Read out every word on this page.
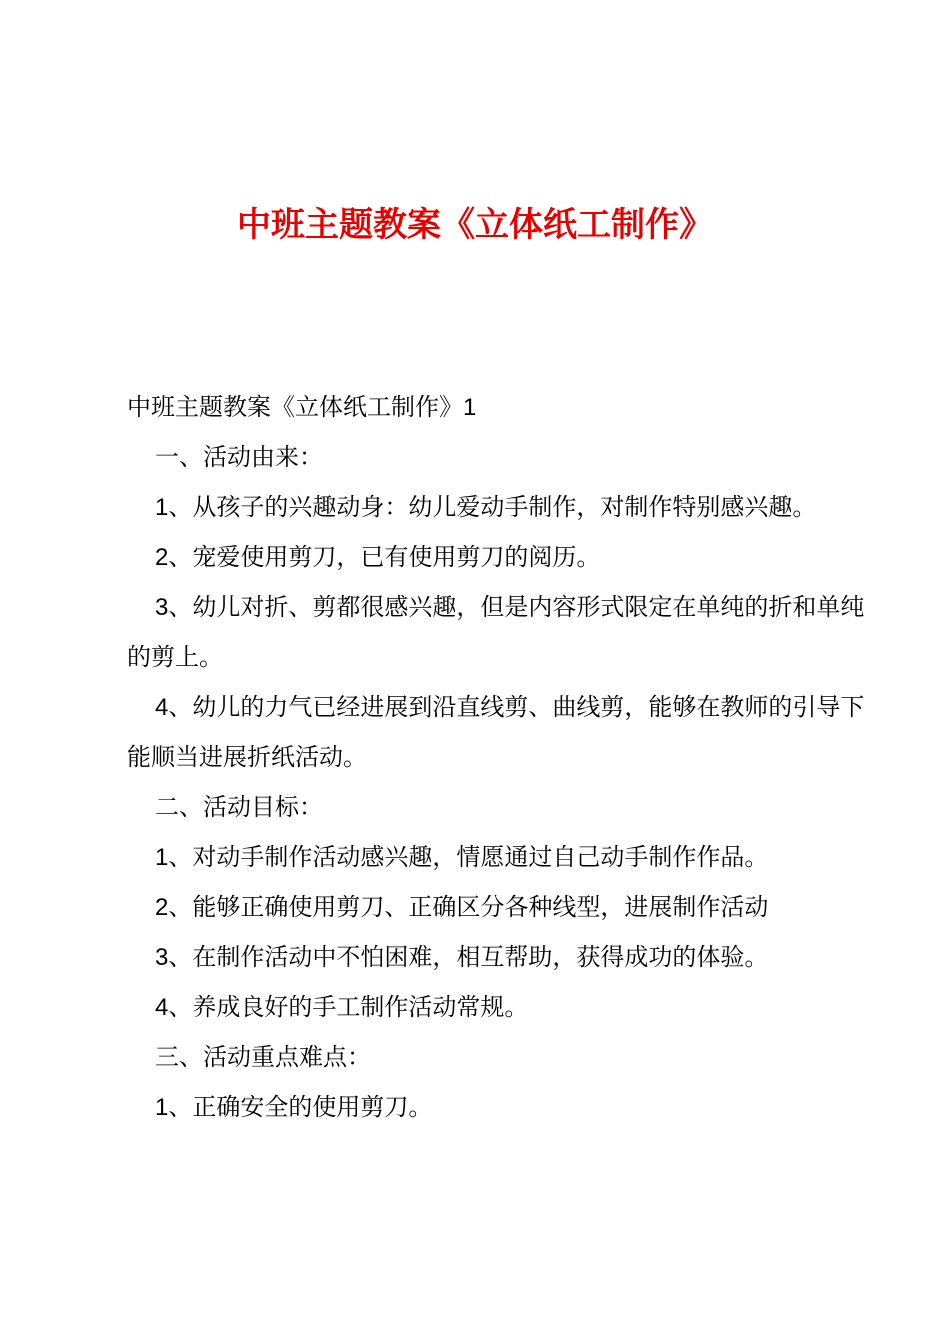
中班主题教案《立体纸工制作》

中班主题教案《立体纸工制作》1

一、活动由来：

1、从孩子的兴趣动身：幼儿爱动手制作，对制作特别感兴趣。

2、宠爱使用剪刀，已有使用剪刀的阅历。

3、幼儿对折、剪都很感兴趣，但是内容形式限定在单纯的折和单纯的剪上。

4、幼儿的力气已经进展到沿直线剪、曲线剪，能够在教师的引导下能顺当进展折纸活动。

二、活动目标：

1、对动手制作活动感兴趣，情愿通过自己动手制作作品。

2、能够正确使用剪刀、正确区分各种线型，进展制作活动

3、在制作活动中不怕困难，相互帮助，获得成功的体验。

4、养成良好的手工制作活动常规。

三、活动重点难点：

1、正确安全的使用剪刀。
